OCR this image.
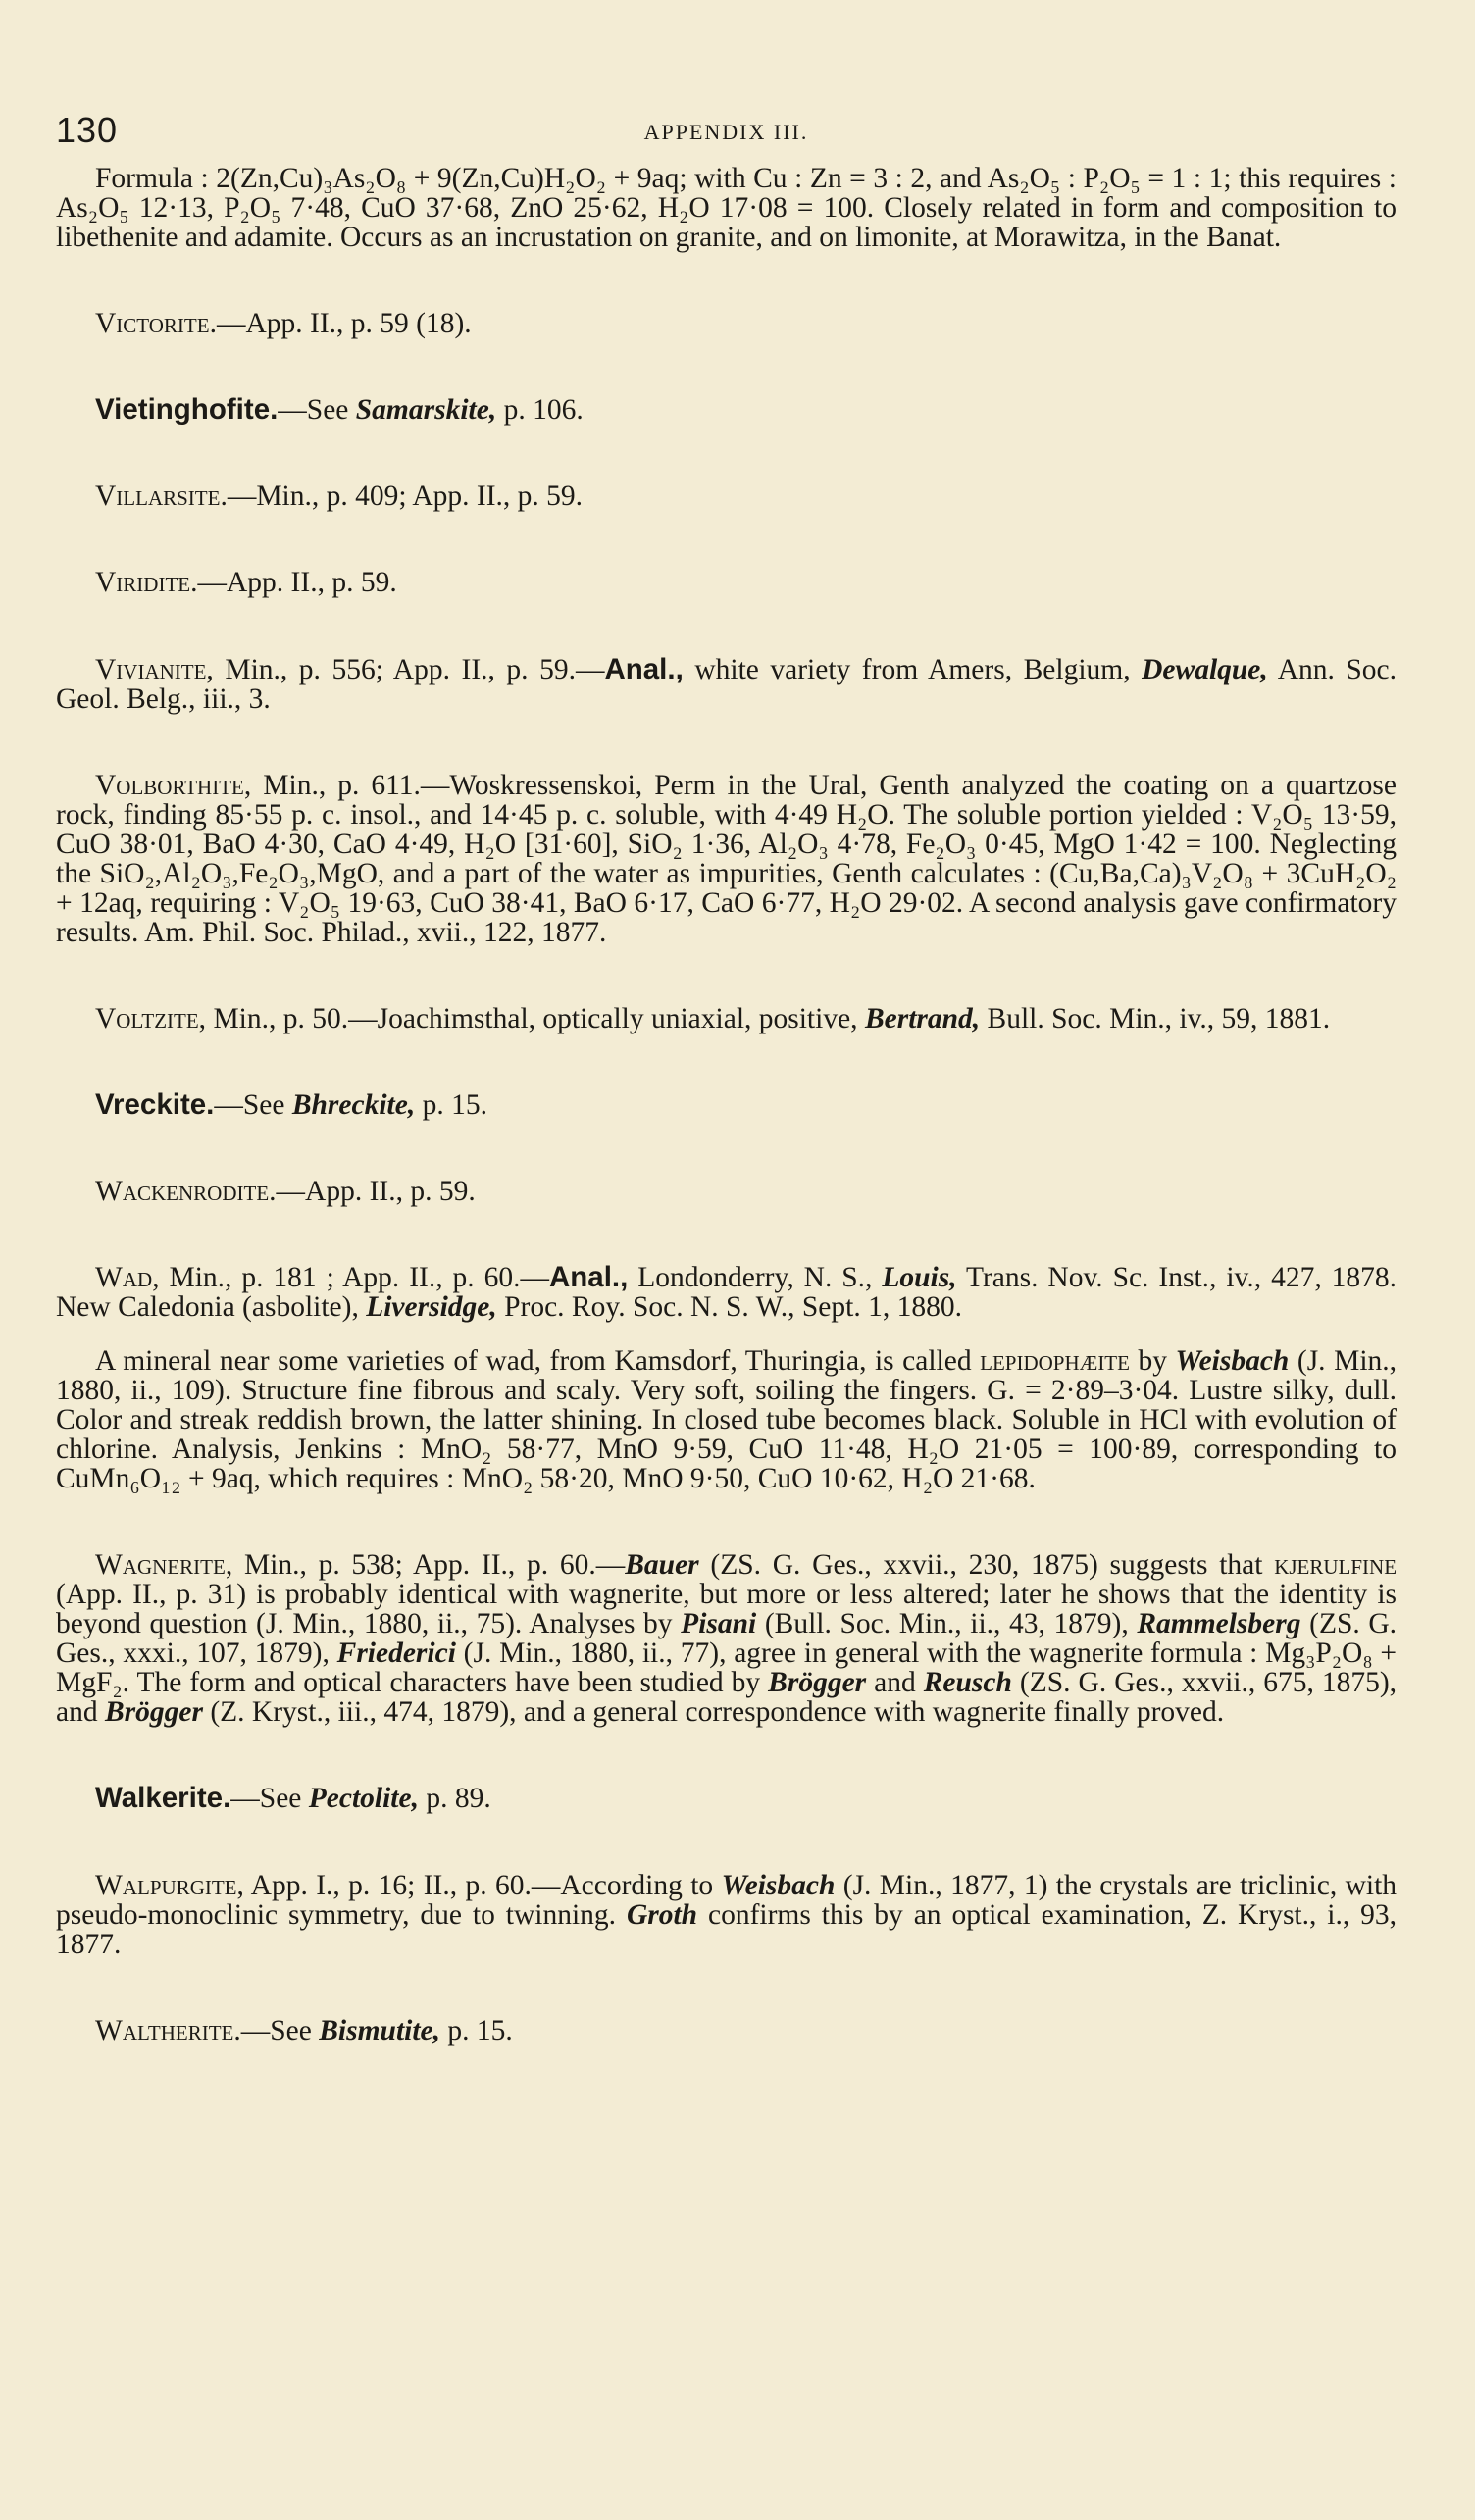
130	APPENDIX III.

Formula : 2(Zn,Cu)₃As₂O₈ + 9(Zn,Cu)H₂O₂ + 9aq; with Cu : Zn = 3 : 2, and As₂O₅ : P₂O₅ = 1 : 1; this requires : As₂O₅ 12·13, P₂O₅ 7·48, CuO 37·68, ZnO 25·62, H₂O 17·08 = 100. Closely related in form and composition to libethenite and adamite. Occurs as an incrustation on granite, and on limonite, at Morawitza, in the Banat.

Victorite.—App. II., p. 59 (18).

Vietinghofite.—See Samarskite, p. 106.

Villarsite.—Min., p. 409; App. II., p. 59.

Viridite.—App. II., p. 59.

Vivianite, Min., p. 556; App. II., p. 59.—Anal., white variety from Amers, Belgium, Dewalque, Ann. Soc. Geol. Belg., iii., 3.

Volborthite, Min., p. 611.—Woskressenskoi, Perm in the Ural, Genth analyzed the coating on a quartzose rock, finding 85·55 p. c. insol., and 14·45 p. c. soluble, with 4·49 H₂O. The soluble portion yielded : V₂O₅ 13·59, CuO 38·01, BaO 4·30, CaO 4·49, H₂O [31·60], SiO₂ 1·36, Al₂O₃ 4·78, Fe₂O₃ 0·45, MgO 1·42 = 100. Neglecting the SiO₂,Al₂O₃,Fe₂O₃,MgO, and a part of the water as impurities, Genth calculates : (Cu,Ba,Ca)₃V₂O₈ + 3CuH₂O₂ + 12aq, requiring : V₂O₅ 19·63, CuO 38·41, BaO 6·17, CaO 6·77, H₂O 29·02. A second analysis gave confirmatory results. Am. Phil. Soc. Philad., xvii., 122, 1877.

Voltzite, Min., p. 50.—Joachimsthal, optically uniaxial, positive, Bertrand, Bull. Soc. Min., iv., 59, 1881.

Vreckite.—See Bhreckite, p. 15.

Wackenrodite.—App. II., p. 59.

Wad, Min., p. 181 ; App. II., p. 60.—Anal., Londonderry, N. S., Louis, Trans. Nov. Sc. Inst., iv., 427, 1878. New Caledonia (asbolite), Liversidge, Proc. Roy. Soc. N. S. W., Sept. 1, 1880.

A mineral near some varieties of wad, from Kamsdorf, Thuringia, is called lepidophæite by Weisbach (J. Min., 1880, ii., 109). Structure fine fibrous and scaly. Very soft, soiling the fingers. G. = 2·89–3·04. Lustre silky, dull. Color and streak reddish brown, the latter shining. In closed tube becomes black. Soluble in HCl with evolution of chlorine. Analysis, Jenkins : MnO₂ 58·77, MnO 9·59, CuO 11·48, H₂O 21·05 = 100·89, corresponding to CuMn₆O₁₂ + 9aq, which requires : MnO₂ 58·20, MnO 9·50, CuO 10·62, H₂O 21·68.

Wagnerite, Min., p. 538; App. II., p. 60.—Bauer (ZS. G. Ges., xxvii., 230, 1875) suggests that kjerulfine (App. II., p. 31) is probably identical with wagnerite, but more or less altered; later he shows that the identity is beyond question (J. Min., 1880, ii., 75). Analyses by Pisani (Bull. Soc. Min., ii., 43, 1879), Rammelsberg (ZS. G. Ges., xxxi., 107, 1879), Friederici (J. Min., 1880, ii., 77), agree in general with the wagnerite formula : Mg₃P₂O₈ + MgF₂. The form and optical characters have been studied by Brögger and Reusch (ZS. G. Ges., xxvii., 675, 1875), and Brögger (Z. Kryst., iii., 474, 1879), and a general correspondence with wagnerite finally proved.

Walkerite.—See Pectolite, p. 89.

Walpurgite, App. I., p. 16; II., p. 60.—According to Weisbach (J. Min., 1877, 1) the crystals are triclinic, with pseudo-monoclinic symmetry, due to twinning. Groth confirms this by an optical examination, Z. Kryst., i., 93, 1877.

Waltherite.—See Bismutite, p. 15.
